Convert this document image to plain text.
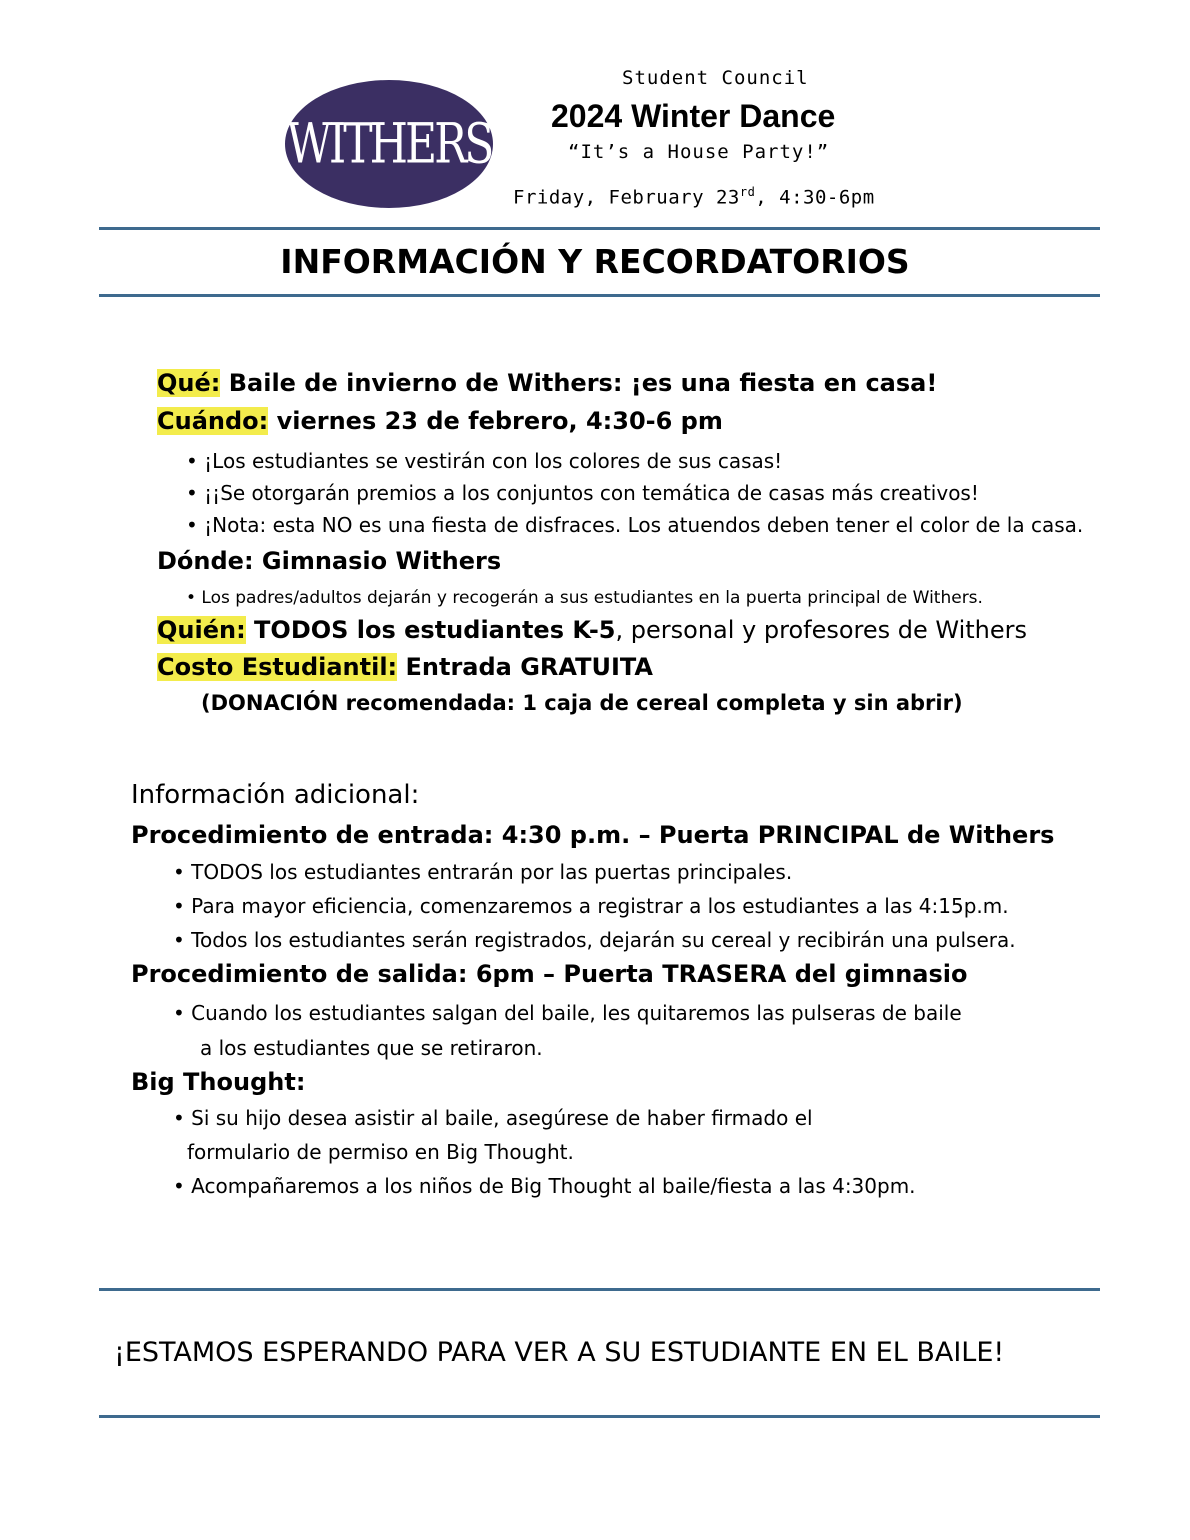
WITHERS
Student Council
2024 Winter Dance
“It’s a House Party!”
Friday, February 23rd, 4:30-6pm
INFORMACIÓN Y RECORDATORIOS
Qué: Baile de invierno de Withers: ¡es una fiesta en casa!
Cuándo: viernes 23 de febrero, 4:30-6 pm
• ¡Los estudiantes se vestirán con los colores de sus casas!
• ¡¡Se otorgarán premios a los conjuntos con temática de casas más creativos!
• ¡Nota: esta NO es una fiesta de disfraces. Los atuendos deben tener el color de la casa.
Dónde: Gimnasio Withers
• Los padres/adultos dejarán y recogerán a sus estudiantes en la puerta principal de Withers.
Quién: TODOS los estudiantes K-5, personal y profesores de Withers
Costo Estudiantil: Entrada GRATUITA
(DONACIÓN recomendada: 1 caja de cereal completa y sin abrir)
Información adicional:
Procedimiento de entrada: 4:30 p.m. – Puerta PRINCIPAL de Withers
• TODOS los estudiantes entrarán por las puertas principales.
• Para mayor eficiencia, comenzaremos a registrar a los estudiantes a las 4:15p.m.
• Todos los estudiantes serán registrados, dejarán su cereal y recibirán una pulsera.
Procedimiento de salida: 6pm – Puerta TRASERA del gimnasio
• Cuando los estudiantes salgan del baile, les quitaremos las pulseras de baile
a los estudiantes que se retiraron.
Big Thought:
• Si su hijo desea asistir al baile, asegúrese de haber firmado el
formulario de permiso en Big Thought.
• Acompañaremos a los niños de Big Thought al baile/fiesta a las 4:30pm.
¡ESTAMOS ESPERANDO PARA VER A SU ESTUDIANTE EN EL BAILE!
